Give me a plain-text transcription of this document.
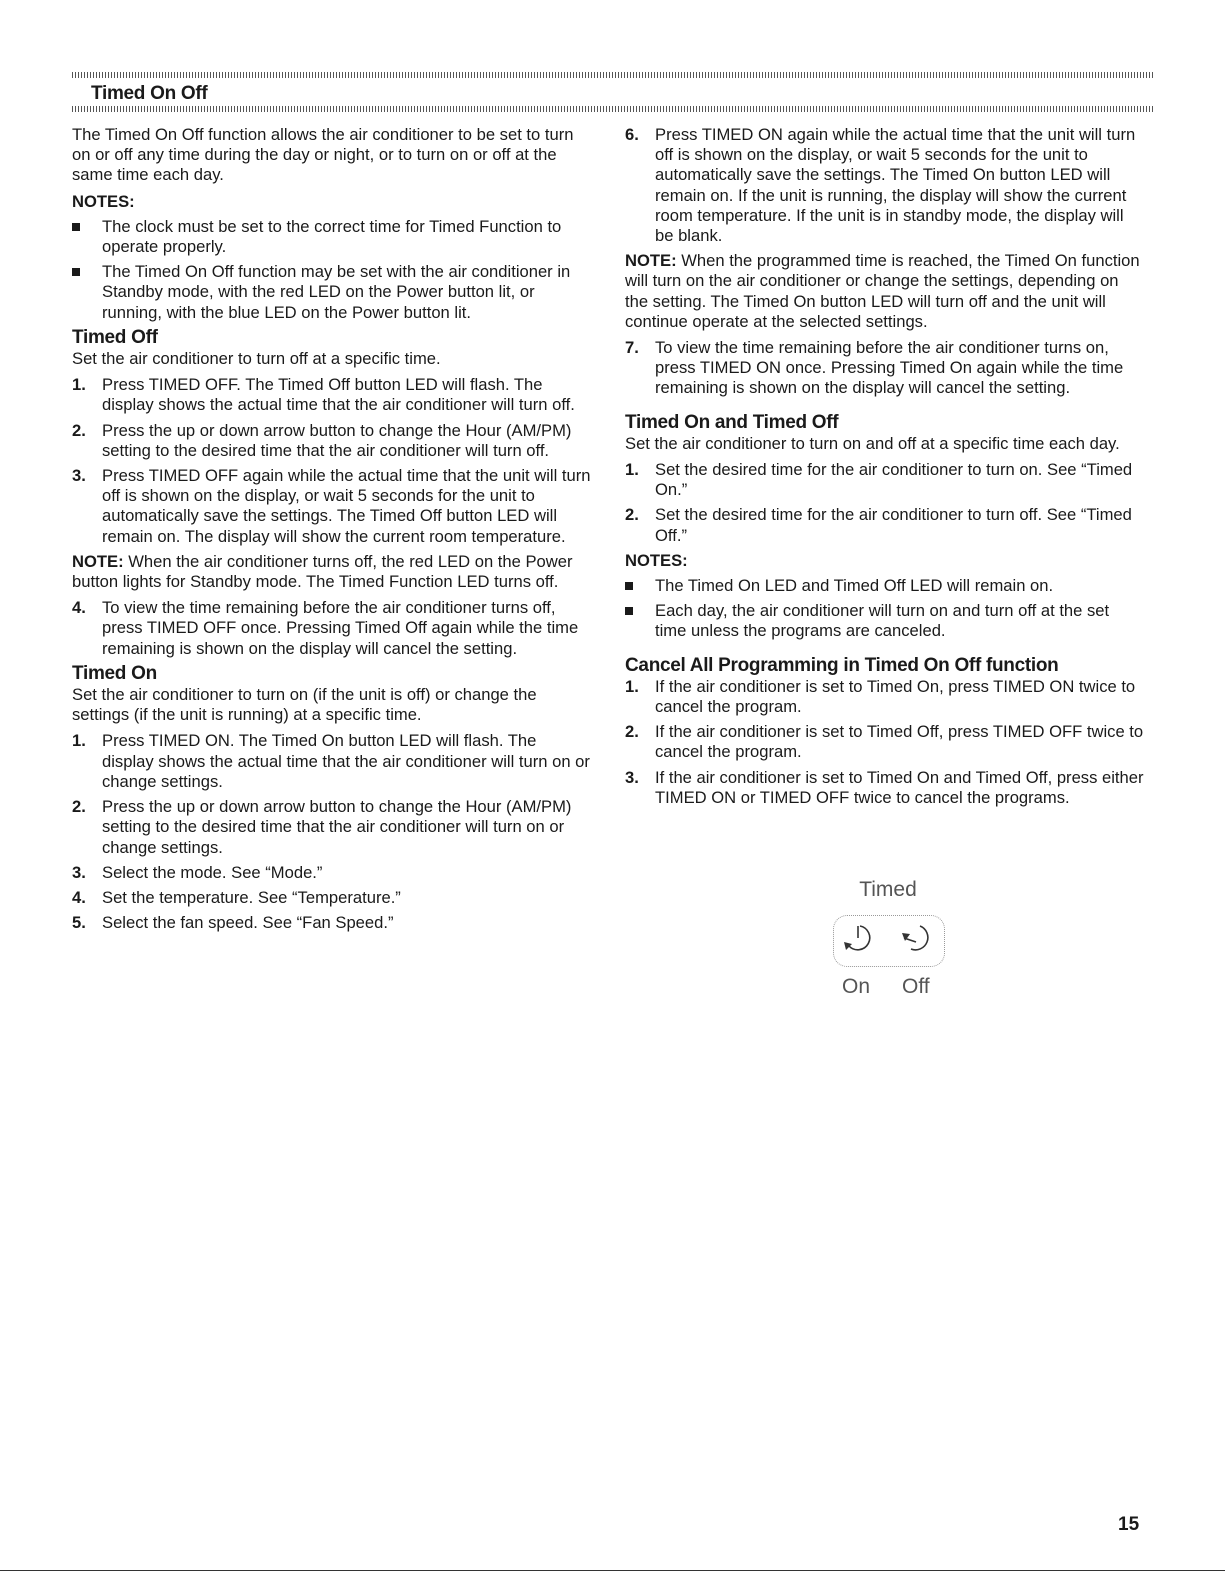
Timed On Off

The Timed On Off function allows the air conditioner to be set to turn on or off any time during the day or night, or to turn on or off at the same time each day.

NOTES:
The clock must be set to the correct time for Timed Function to operate properly.
The Timed On Off function may be set with the air conditioner in Standby mode, with the red LED on the Power button lit, or running, with the blue LED on the Power button lit.
Timed Off

Set the air conditioner to turn off at a specific time.

1. Press TIMED OFF. The Timed Off button LED will flash. The display shows the actual time that the air conditioner will turn off.
2. Press the up or down arrow button to change the Hour (AM/PM) setting to the desired time that the air conditioner will turn off.
3. Press TIMED OFF again while the actual time that the unit will turn off is shown on the display, or wait 5 seconds for the unit to automatically save the settings. The Timed Off button LED will remain on. The display will show the current room temperature.

NOTE: When the air conditioner turns off, the red LED on the Power button lights for Standby mode. The Timed Function LED turns off.

4. To view the time remaining before the air conditioner turns off, press TIMED OFF once. Pressing Timed Off again while the time remaining is shown on the display will cancel the setting.
Timed On

Set the air conditioner to turn on (if the unit is off) or change the settings (if the unit is running) at a specific time.

1. Press TIMED ON. The Timed On button LED will flash. The display shows the actual time that the air conditioner will turn on or change settings.
2. Press the up or down arrow button to change the Hour (AM/PM) setting to the desired time that the air conditioner will turn on or change settings.
3. Select the mode. See “Mode.”
4. Set the temperature. See “Temperature.”
5. Select the fan speed. See “Fan Speed.”
6. Press TIMED ON again while the actual time that the unit will turn off is shown on the display, or wait 5 seconds for the unit to automatically save the settings. The Timed On button LED will remain on. If the unit is running, the display will show the current room temperature. If the unit is in standby mode, the display will be blank.

NOTE: When the programmed time is reached, the Timed On function will turn on the air conditioner or change the settings, depending on the setting. The Timed On button LED will turn off and the unit will continue operate at the selected settings.

7. To view the time remaining before the air conditioner turns on, press TIMED ON once. Pressing Timed On again while the time remaining is shown on the display will cancel the setting.
Timed On and Timed Off

Set the air conditioner to turn on and off at a specific time each day.

1. Set the desired time for the air conditioner to turn on. See “Timed On.”
2. Set the desired time for the air conditioner to turn off. See “Timed Off.”
NOTES:
The Timed On LED and Timed Off LED will remain on.
Each day, the air conditioner will turn on and turn off at the set time unless the programs are canceled.
Cancel All Programming in Timed On Off function
1. If the air conditioner is set to Timed On, press TIMED ON twice to cancel the program.
2. If the air conditioner is set to Timed Off, press TIMED OFF twice to cancel the program.
3. If the air conditioner is set to Timed On and Timed Off, press either TIMED ON or TIMED OFF twice to cancel the programs.
Timed
On Off
15
